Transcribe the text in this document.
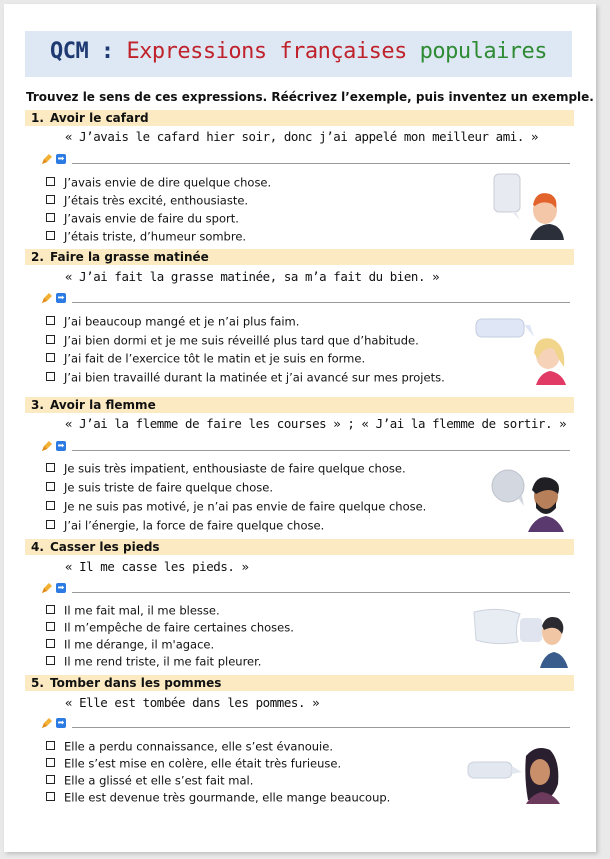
QCM : Expressions françaises populaires
Trouvez le sens de ces expressions. Réécrivez l’exemple, puis inventez un exemple.
1. Avoir le cafard
« J’avais le cafard hier soir, donc j’ai appelé mon meilleur ami. »
➡
J’avais envie de dire quelque chose.
J’étais très excité, enthousiaste.
J’avais envie de faire du sport.
J’étais triste, d’humeur sombre.
2. Faire la grasse matinée
« J’ai fait la grasse matinée, sa m’a fait du bien. »
➡
J’ai beaucoup mangé et je n’ai plus faim.
J’ai bien dormi et je me suis réveillé plus tard que d’habitude.
J’ai fait de l’exercice tôt le matin et je suis en forme.
J’ai bien travaillé durant la matinée et j’ai avancé sur mes projets.
3. Avoir la flemme
« J’ai la flemme de faire les courses » ; « J’ai la flemme de sortir. »
➡
Je suis très impatient, enthousiaste de faire quelque chose.
Je suis triste de faire quelque chose.
Je ne suis pas motivé, je n’ai pas envie de faire quelque chose.
J’ai l’énergie, la force de faire quelque chose.
4. Casser les pieds
« Il me casse les pieds. »
➡
Il me fait mal, il me blesse.
Il m’empêche de faire certaines choses.
Il me dérange, il m'agace.
Il me rend triste, il me fait pleurer.
5. Tomber dans les pommes
« Elle est tombée dans les pommes. »
➡
Elle a perdu connaissance, elle s’est évanouie.
Elle s’est mise en colère, elle était très furieuse.
Elle a glissé et elle s’est fait mal.
Elle est devenue très gourmande, elle mange beaucoup.
